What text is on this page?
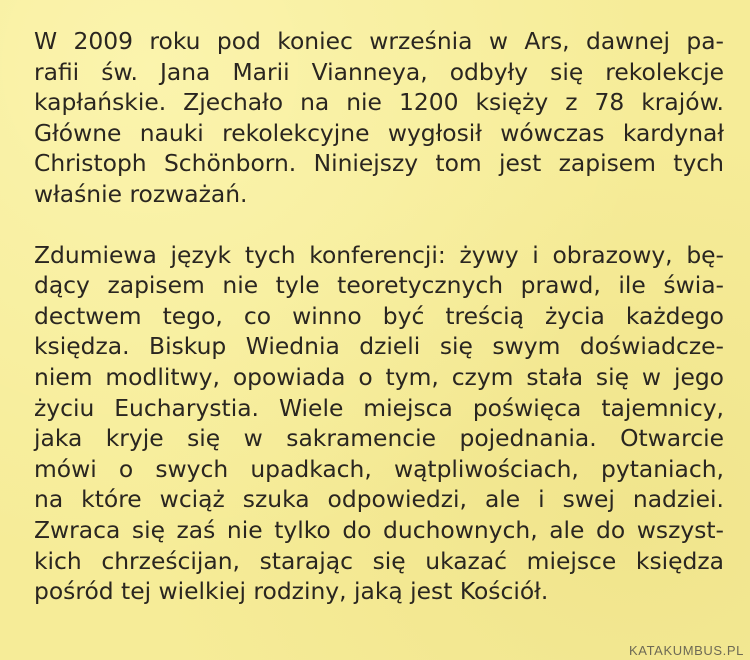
W 2009 roku pod koniec września w Ars, dawnej pa-
rafii św. Jana Marii Vianneya, odbyły się rekolekcje
kapłańskie. Zjechało na nie 1200 księży z 78 krajów.
Główne nauki rekolekcyjne wygłosił wówczas kardynał
Christoph Schönborn. Niniejszy tom jest zapisem tych
właśnie rozważań.

Zdumiewa język tych konferencji: żywy i obrazowy, bę-
dący zapisem nie tyle teoretycznych prawd, ile świa-
dectwem tego, co winno być treścią życia każdego
księdza. Biskup Wiednia dzieli się swym doświadcze-
niem modlitwy, opowiada o tym, czym stała się w jego
życiu Eucharystia. Wiele miejsca poświęca tajemnicy,
jaka kryje się w sakramencie pojednania. Otwarcie
mówi o swych upadkach, wątpliwościach, pytaniach,
na które wciąż szuka odpowiedzi, ale i swej nadziei.
Zwraca się zaś nie tylko do duchownych, ale do wszyst-
kich chrześcijan, starając się ukazać miejsce księdza
pośród tej wielkiej rodziny, jaką jest Kościół.

KATAKUMBUS.PL
